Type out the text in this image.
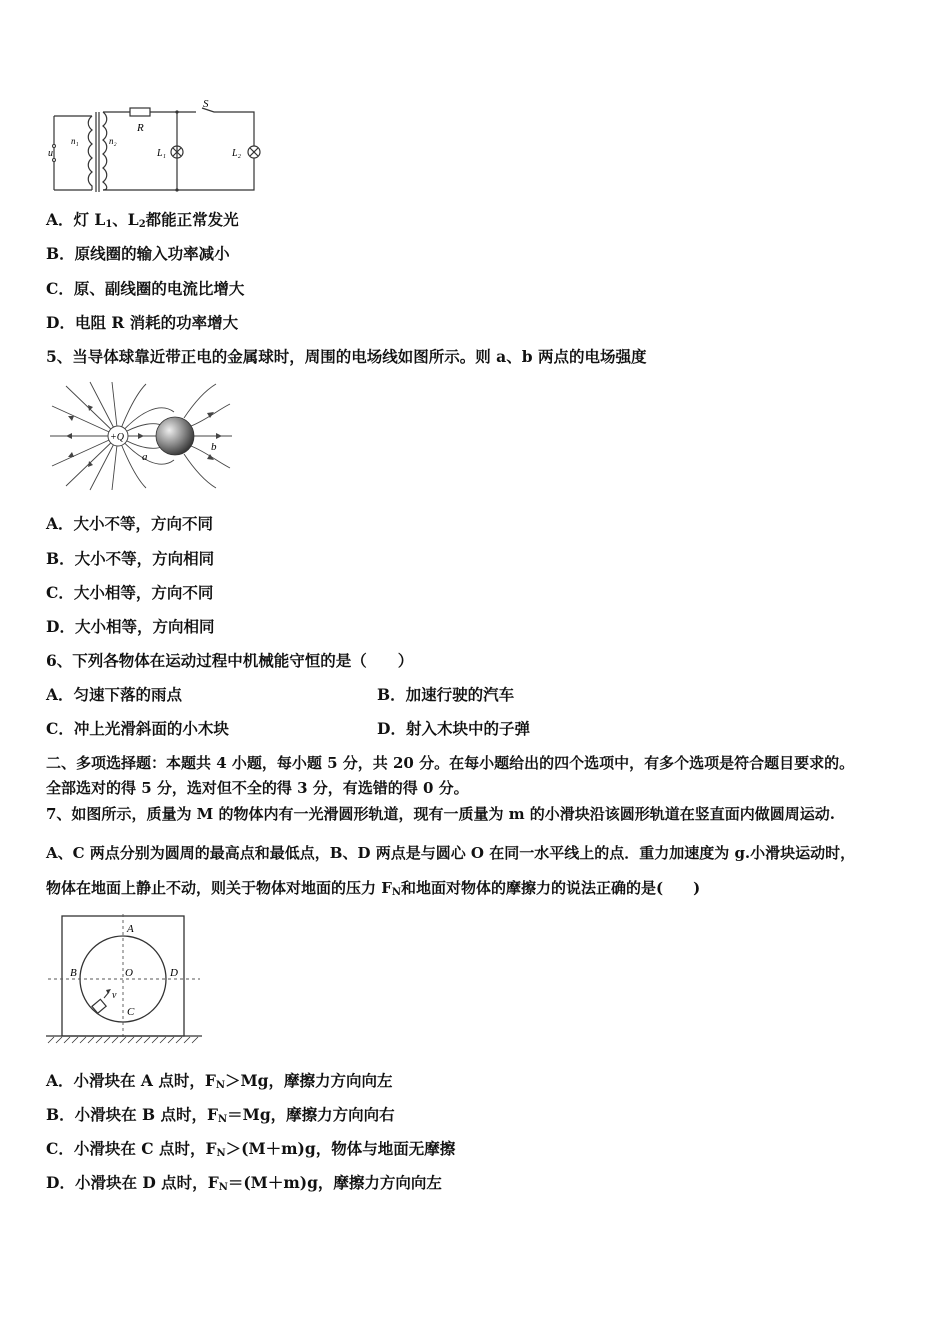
S
R
n₁	n₂
u	L₁	L₂
A．灯 $L_1$、$L_2$都能正常发光
B．原线圈的输入功率减小
C．原、副线圈的电流比增大
D．电阻 R 消耗的功率增大
5、当导体球靠近带正电的金属球时，周围的电场线如图所示。则 a、b 两点的电场强度
+Q
a
b
A．大小不等，方向不同
B．大小不等，方向相同
C．大小相等，方向不同
D．大小相等，方向相同
6、下列各物体在运动过程中机械能守恒的是（　　）
A．匀速下落的雨点	B．加速行驶的汽车
C．冲上光滑斜面的小木块	D．射入木块中的子弹
二、多项选择题：本题共 4 小题，每小题 5 分，共 20 分。在每小题给出的四个选项中，有多个选项是符合题目要求的。
全部选对的得 5 分，选对但不全的得 3 分，有选错的得 0 分。
7、如图所示，质量为 M 的物体内有一光滑圆形轨道，现有一质量为 m 的小滑块沿该圆形轨道在竖直面内做圆周运动.
A、C 两点分别为圆周的最高点和最低点，B、D 两点是与圆心 O 在同一水平线上的点．重力加速度为 g.小滑块运动时，
物体在地面上静止不动，则关于物体对地面的压力 $F_N$和地面对物体的摩擦力的说法正确的是(　　)
A
B
C
D
O
v
A．小滑块在 A 点时，$F_N>Mg$，摩擦力方向向左
B．小滑块在 B 点时，$F_N=Mg$，摩擦力方向向右
C．小滑块在 C 点时，$F_N>(M+m)g$，物体与地面无摩擦
D．小滑块在 D 点时，$F_N=(M+m)g$，摩擦力方向向左
